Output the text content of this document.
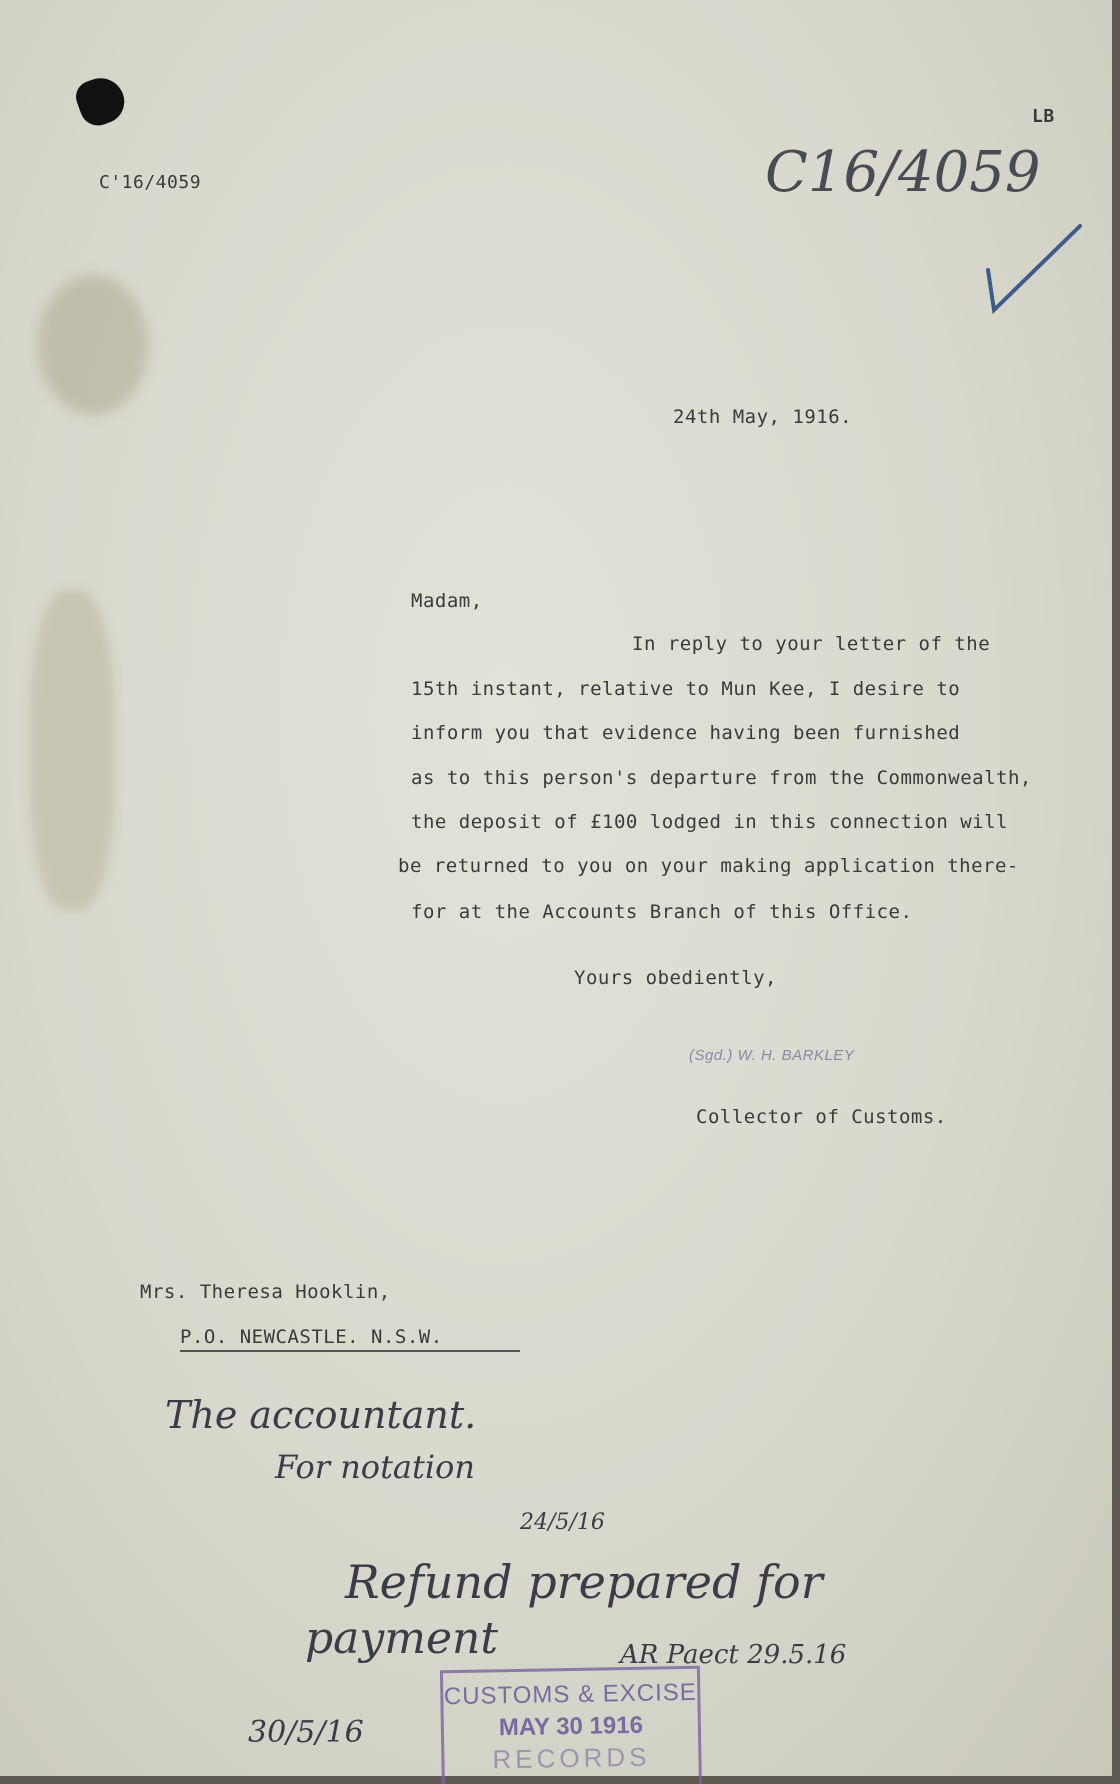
C'16/4059	C16/4059
LB
24th May, 1916.
Madam,
In reply to your letter of the
15th instant, relative to Mun Kee, I desire to
inform you that evidence having been furnished
as to this person's departure from the Commonwealth,
the deposit of £100 lodged in this connection will
be returned to you on your making application there-
for at the Accounts Branch of this Office.
Yours obediently,
(Sgd.) W. H. BARKLEY
Collector of Customs.
Mrs. Theresa Hooklin,
P.O. NEWCASTLE. N.S.W.
The accountant.
For notation
24/5/16
Refund prepared for
payment	AR Paect 29.5.16
30/5/16
CUSTOMS & EXCISE
MAY 30 1916
RECORDS
